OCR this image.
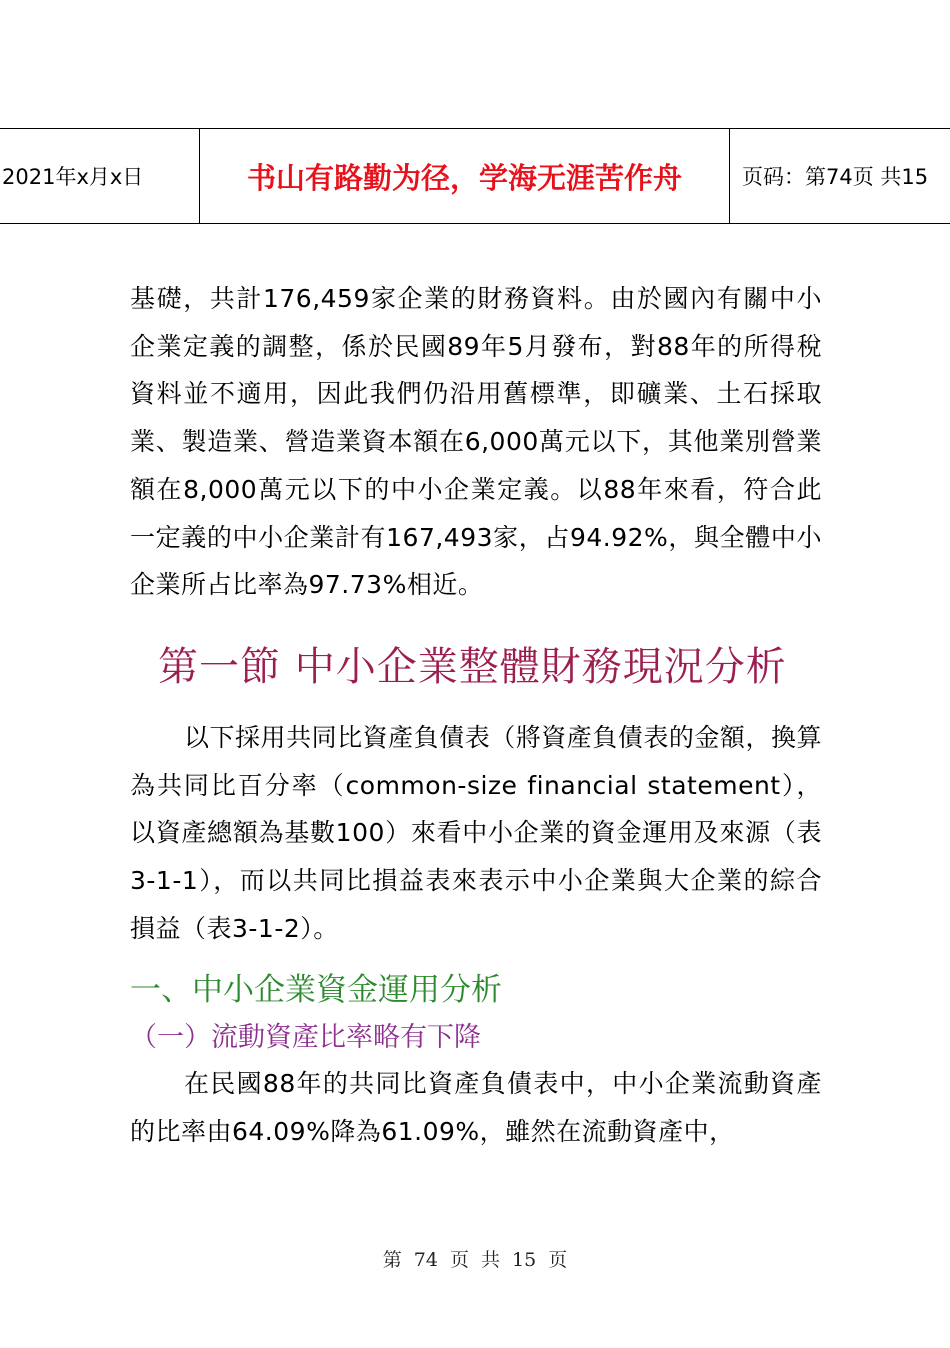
2021年x月x日	书山有路勤为径，学海无涯苦作舟	页码：第74页 共15

基礎，共計176,459家企業的財務資料。由於國內有關中小企業定義的調整，係於民國89年5月發布，對88年的所得稅資料並不適用，因此我們仍沿用舊標準，即礦業、土石採取業、製造業、營造業資本額在6,000萬元以下，其他業別營業額在8,000萬元以下的中小企業定義。以88年來看，符合此一定義的中小企業計有167,493家，占94.92%，與全體中小企業所占比率為97.73%相近。

第一節 中小企業整體財務現況分析

以下採用共同比資產負債表（將資產負債表的金額，換算為共同比百分率（common-size financial statement），以資產總額為基數100）來看中小企業的資金運用及來源（表3-1-1），而以共同比損益表來表示中小企業與大企業的綜合損益（表3-1-2）。

一、中小企業資金運用分析
（一）流動資產比率略有下降

在民國88年的共同比資產負債表中，中小企業流動資產的比率由64.09%降為61.09%，雖然在流動資產中，

第 74 页 共 15 页
